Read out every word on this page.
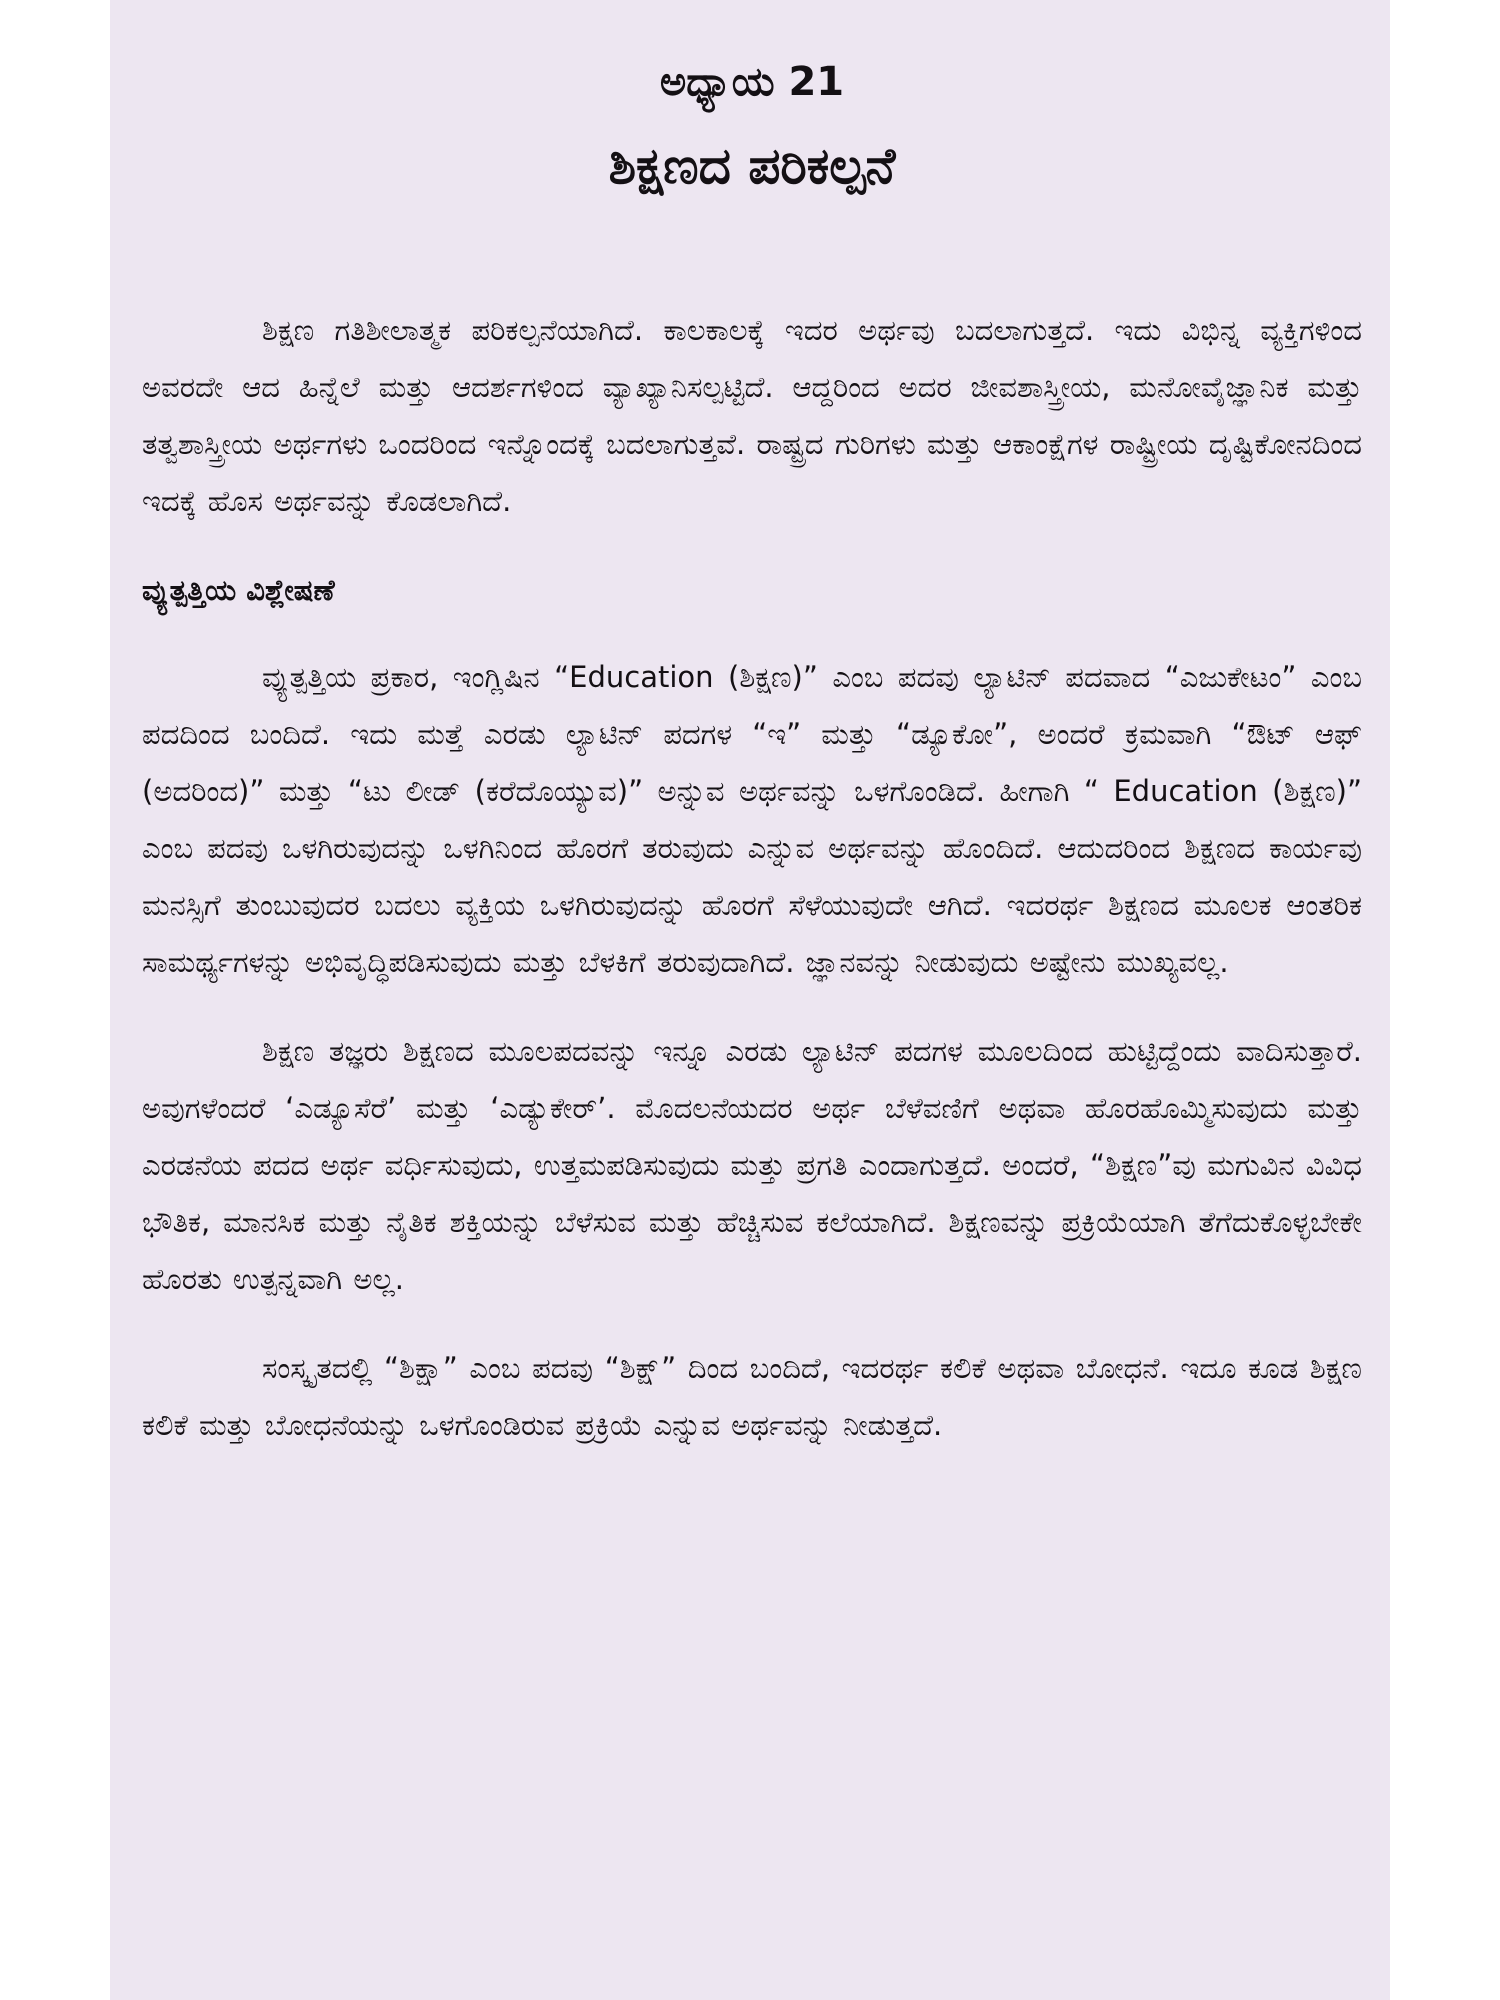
ಅಧ್ಯಾಯ 21
ಶಿಕ್ಷಣದ ಪರಿಕಲ್ಪನೆ

ಶಿಕ್ಷಣ ಗತಿಶೀಲಾತ್ಮಕ ಪರಿಕಲ್ಪನೆಯಾಗಿದೆ. ಕಾಲಕಾಲಕ್ಕೆ ಇದರ ಅರ್ಥವು ಬದಲಾಗುತ್ತದೆ. ಇದು ವಿಭಿನ್ನ ವ್ಯಕ್ತಿಗಳಿಂದ ಅವರದೇ ಆದ ಹಿನ್ನೆಲೆ ಮತ್ತು ಆದರ್ಶಗಳಿಂದ ವ್ಯಾಖ್ಯಾನಿಸಲ್ಪಟ್ಟಿದೆ. ಆದ್ದರಿಂದ ಅದರ ಜೀವಶಾಸ್ತ್ರೀಯ, ಮನೋವೈಜ್ಞಾನಿಕ ಮತ್ತು ತತ್ವಶಾಸ್ತ್ರೀಯ ಅರ್ಥಗಳು ಒಂದರಿಂದ ಇನ್ನೊಂದಕ್ಕೆ ಬದಲಾಗುತ್ತವೆ. ರಾಷ್ಟ್ರದ ಗುರಿಗಳು ಮತ್ತು ಆಕಾಂಕ್ಷೆಗಳ ರಾಷ್ಟ್ರೀಯ ದೃಷ್ಟಿಕೋನದಿಂದ ಇದಕ್ಕೆ ಹೊಸ ಅರ್ಥವನ್ನು ಕೊಡಲಾಗಿದೆ.

ವ್ಯುತ್ಪತ್ತಿಯ ವಿಶ್ಲೇಷಣೆ

ವ್ಯುತ್ಪತ್ತಿಯ ಪ್ರಕಾರ, ಇಂಗ್ಲಿಷಿನ “Education (ಶಿಕ್ಷಣ)” ಎಂಬ ಪದವು ಲ್ಯಾಟಿನ್ ಪದವಾದ “ಎಜುಕೇಟಂ” ಎಂಬ ಪದದಿಂದ ಬಂದಿದೆ. ಇದು ಮತ್ತೆ ಎರಡು ಲ್ಯಾಟಿನ್ ಪದಗಳ “ಇ” ಮತ್ತು “ಡ್ಯೂಕೋ”, ಅಂದರೆ ಕ್ರಮವಾಗಿ “ಔಟ್ ಆಫ್ (ಅದರಿಂದ)” ಮತ್ತು “ಟು ಲೀಡ್ (ಕರೆದೊಯ್ಯುವ)” ಅನ್ನುವ ಅರ್ಥವನ್ನು ಒಳಗೊಂಡಿದೆ. ಹೀಗಾಗಿ “ Education (ಶಿಕ್ಷಣ)” ಎಂಬ ಪದವು ಒಳಗಿರುವುದನ್ನು ಒಳಗಿನಿಂದ ಹೊರಗೆ ತರುವುದು ಎನ್ನುವ ಅರ್ಥವನ್ನು ಹೊಂದಿದೆ. ಆದುದರಿಂದ ಶಿಕ್ಷಣದ ಕಾರ್ಯವು ಮನಸ್ಸಿಗೆ ತುಂಬುವುದರ ಬದಲು ವ್ಯಕ್ತಿಯ ಒಳಗಿರುವುದನ್ನು ಹೊರಗೆ ಸೆಳೆಯುವುದೇ ಆಗಿದೆ. ಇದರರ್ಥ ಶಿಕ್ಷಣದ ಮೂಲಕ ಆಂತರಿಕ ಸಾಮರ್ಥ್ಯಗಳನ್ನು ಅಭಿವೃದ್ಧಿಪಡಿಸುವುದು ಮತ್ತು ಬೆಳಕಿಗೆ ತರುವುದಾಗಿದೆ. ಜ್ಞಾನವನ್ನು ನೀಡುವುದು ಅಷ್ಟೇನು ಮುಖ್ಯವಲ್ಲ.

ಶಿಕ್ಷಣ ತಜ್ಞರು ಶಿಕ್ಷಣದ ಮೂಲಪದವನ್ನು ಇನ್ನೂ ಎರಡು ಲ್ಯಾಟಿನ್ ಪದಗಳ ಮೂಲದಿಂದ ಹುಟ್ಟಿದ್ದೆಂದು ವಾದಿಸುತ್ತಾರೆ. ಅವುಗಳೆಂದರೆ ‘ಎಡ್ಯೂಸೆರೆ’ ಮತ್ತು ‘ಎಡ್ಯುಕೇರ್’. ಮೊದಲನೆಯದರ ಅರ್ಥ ಬೆಳೆವಣಿಗೆ ಅಥವಾ ಹೊರಹೊಮ್ಮಿಸುವುದು ಮತ್ತು ಎರಡನೆಯ ಪದದ ಅರ್ಥ ವರ್ಧಿಸುವುದು, ಉತ್ತಮಪಡಿಸುವುದು ಮತ್ತು ಪ್ರಗತಿ ಎಂದಾಗುತ್ತದೆ. ಅಂದರೆ, “ಶಿಕ್ಷಣ”ವು ಮಗುವಿನ ವಿವಿಧ ಭೌತಿಕ, ಮಾನಸಿಕ ಮತ್ತು ನೈತಿಕ ಶಕ್ತಿಯನ್ನು ಬೆಳೆಸುವ ಮತ್ತು ಹೆಚ್ಚಿಸುವ ಕಲೆಯಾಗಿದೆ. ಶಿಕ್ಷಣವನ್ನು ಪ್ರಕ್ರಿಯೆಯಾಗಿ ತೆಗೆದುಕೊಳ್ಳಬೇಕೇ ಹೊರತು ಉತ್ಪನ್ನವಾಗಿ ಅಲ್ಲ.

ಸಂಸ್ಕೃತದಲ್ಲಿ “ಶಿಕ್ಷಾ” ಎಂಬ ಪದವು “ಶಿಕ್ಷ್” ದಿಂದ ಬಂದಿದೆ, ಇದರರ್ಥ ಕಲಿಕೆ ಅಥವಾ ಬೋಧನೆ. ಇದೂ ಕೂಡ ಶಿಕ್ಷಣ ಕಲಿಕೆ ಮತ್ತು ಬೋಧನೆಯನ್ನು ಒಳಗೊಂಡಿರುವ ಪ್ರಕ್ರಿಯೆ ಎನ್ನುವ ಅರ್ಥವನ್ನು ನೀಡುತ್ತದೆ.
